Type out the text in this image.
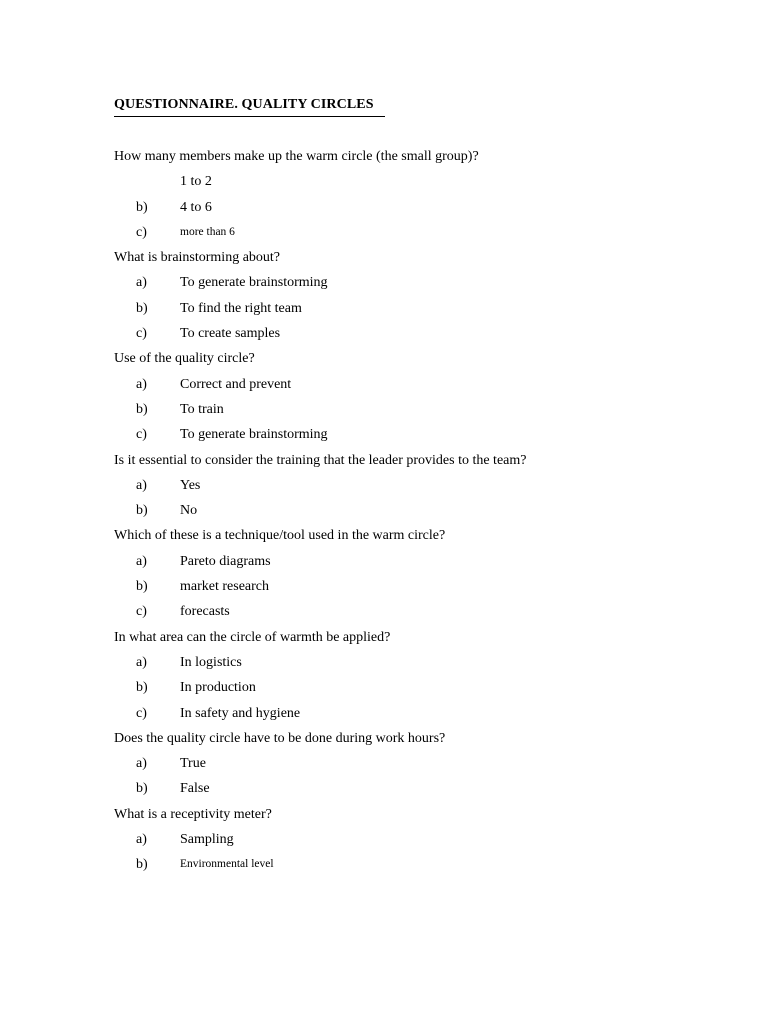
QUESTIONNAIRE. QUALITY CIRCLES
How many members make up the warm circle (the small group)?
1 to 2
b) 4 to 6
c)	more than 6
What is brainstorming about?
a) To generate brainstorming
b) To find the right team
c) To create samples
Use of the quality circle?
a) Correct and prevent
b) To train
c) To generate brainstorming
Is it essential to consider the training that the leader provides to the team?
a) Yes
b) No
Which of these is a technique/tool used in the warm circle?
a) Pareto diagrams
b) market research
c) forecasts
In what area can the circle of warmth be applied?
a) In logistics
b) In production
c) In safety and hygiene
Does the quality circle have to be done during work hours?
a) True
b) False
What is a receptivity meter?
a) Sampling
b)	Environmental level
